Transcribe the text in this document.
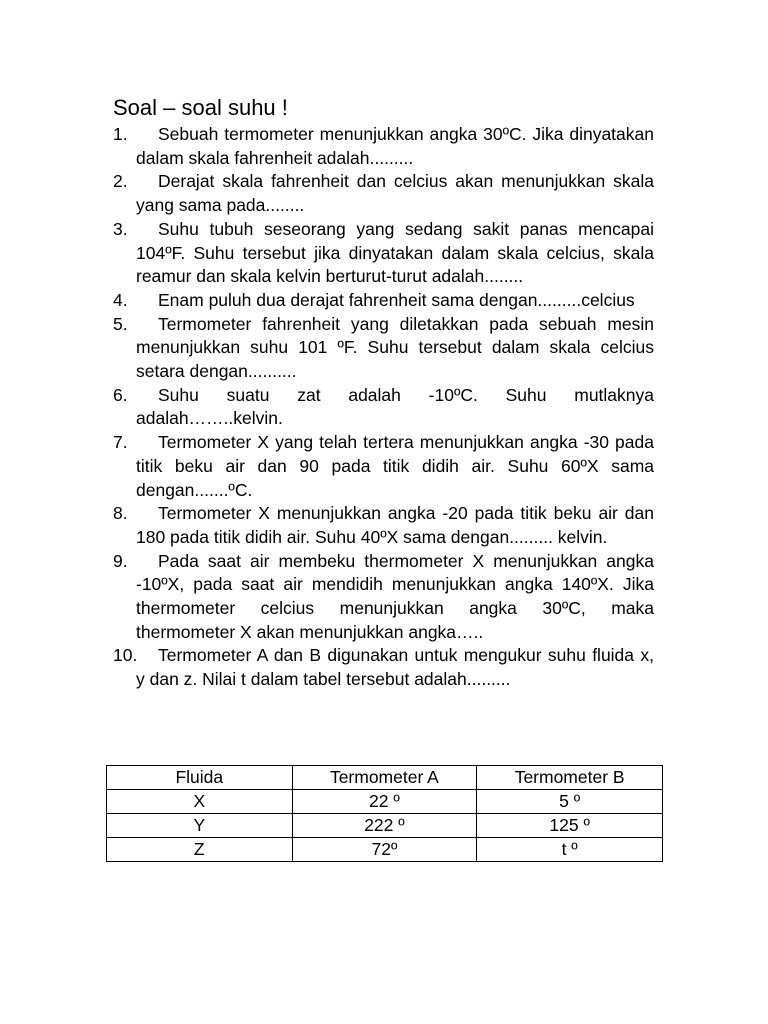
Soal – soal suhu !
1.	Sebuah termometer menunjukkan angka 30ºC. Jika dinyatakan dalam skala fahrenheit adalah.........
2.	Derajat skala fahrenheit dan celcius akan menunjukkan skala yang sama pada........
3.	Suhu tubuh seseorang yang sedang sakit panas mencapai 104ºF. Suhu tersebut jika dinyatakan dalam skala celcius, skala reamur dan skala kelvin berturut-turut adalah........
4.	Enam puluh dua derajat fahrenheit sama dengan.........celcius
5.	Termometer fahrenheit yang diletakkan pada sebuah mesin menunjukkan suhu 101 ºF. Suhu tersebut dalam skala celcius setara dengan..........
6.	Suhu suatu zat adalah -10ºC. Suhu mutlaknya adalah……..kelvin.
7.	Termometer X yang telah tertera menunjukkan angka -30 pada titik beku air dan 90 pada titik didih air. Suhu 60ºX sama dengan.......ºC.
8.	Termometer X menunjukkan angka -20 pada titik beku air dan 180 pada titik didih air. Suhu 40ºX sama dengan......... kelvin.
9.	Pada saat air membeku thermometer X menunjukkan angka -10ºX, pada saat air mendidih menunjukkan angka 140ºX. Jika thermometer celcius menunjukkan angka 30ºC, maka thermometer X akan menunjukkan angka…..
10.	Termometer A dan B digunakan untuk mengukur suhu fluida x, y dan z. Nilai t dalam tabel tersebut adalah.........
Fluida	Termometer A	Termometer B
X	22 º	5 º
Y	222 º	125 º
Z	72º	t º
